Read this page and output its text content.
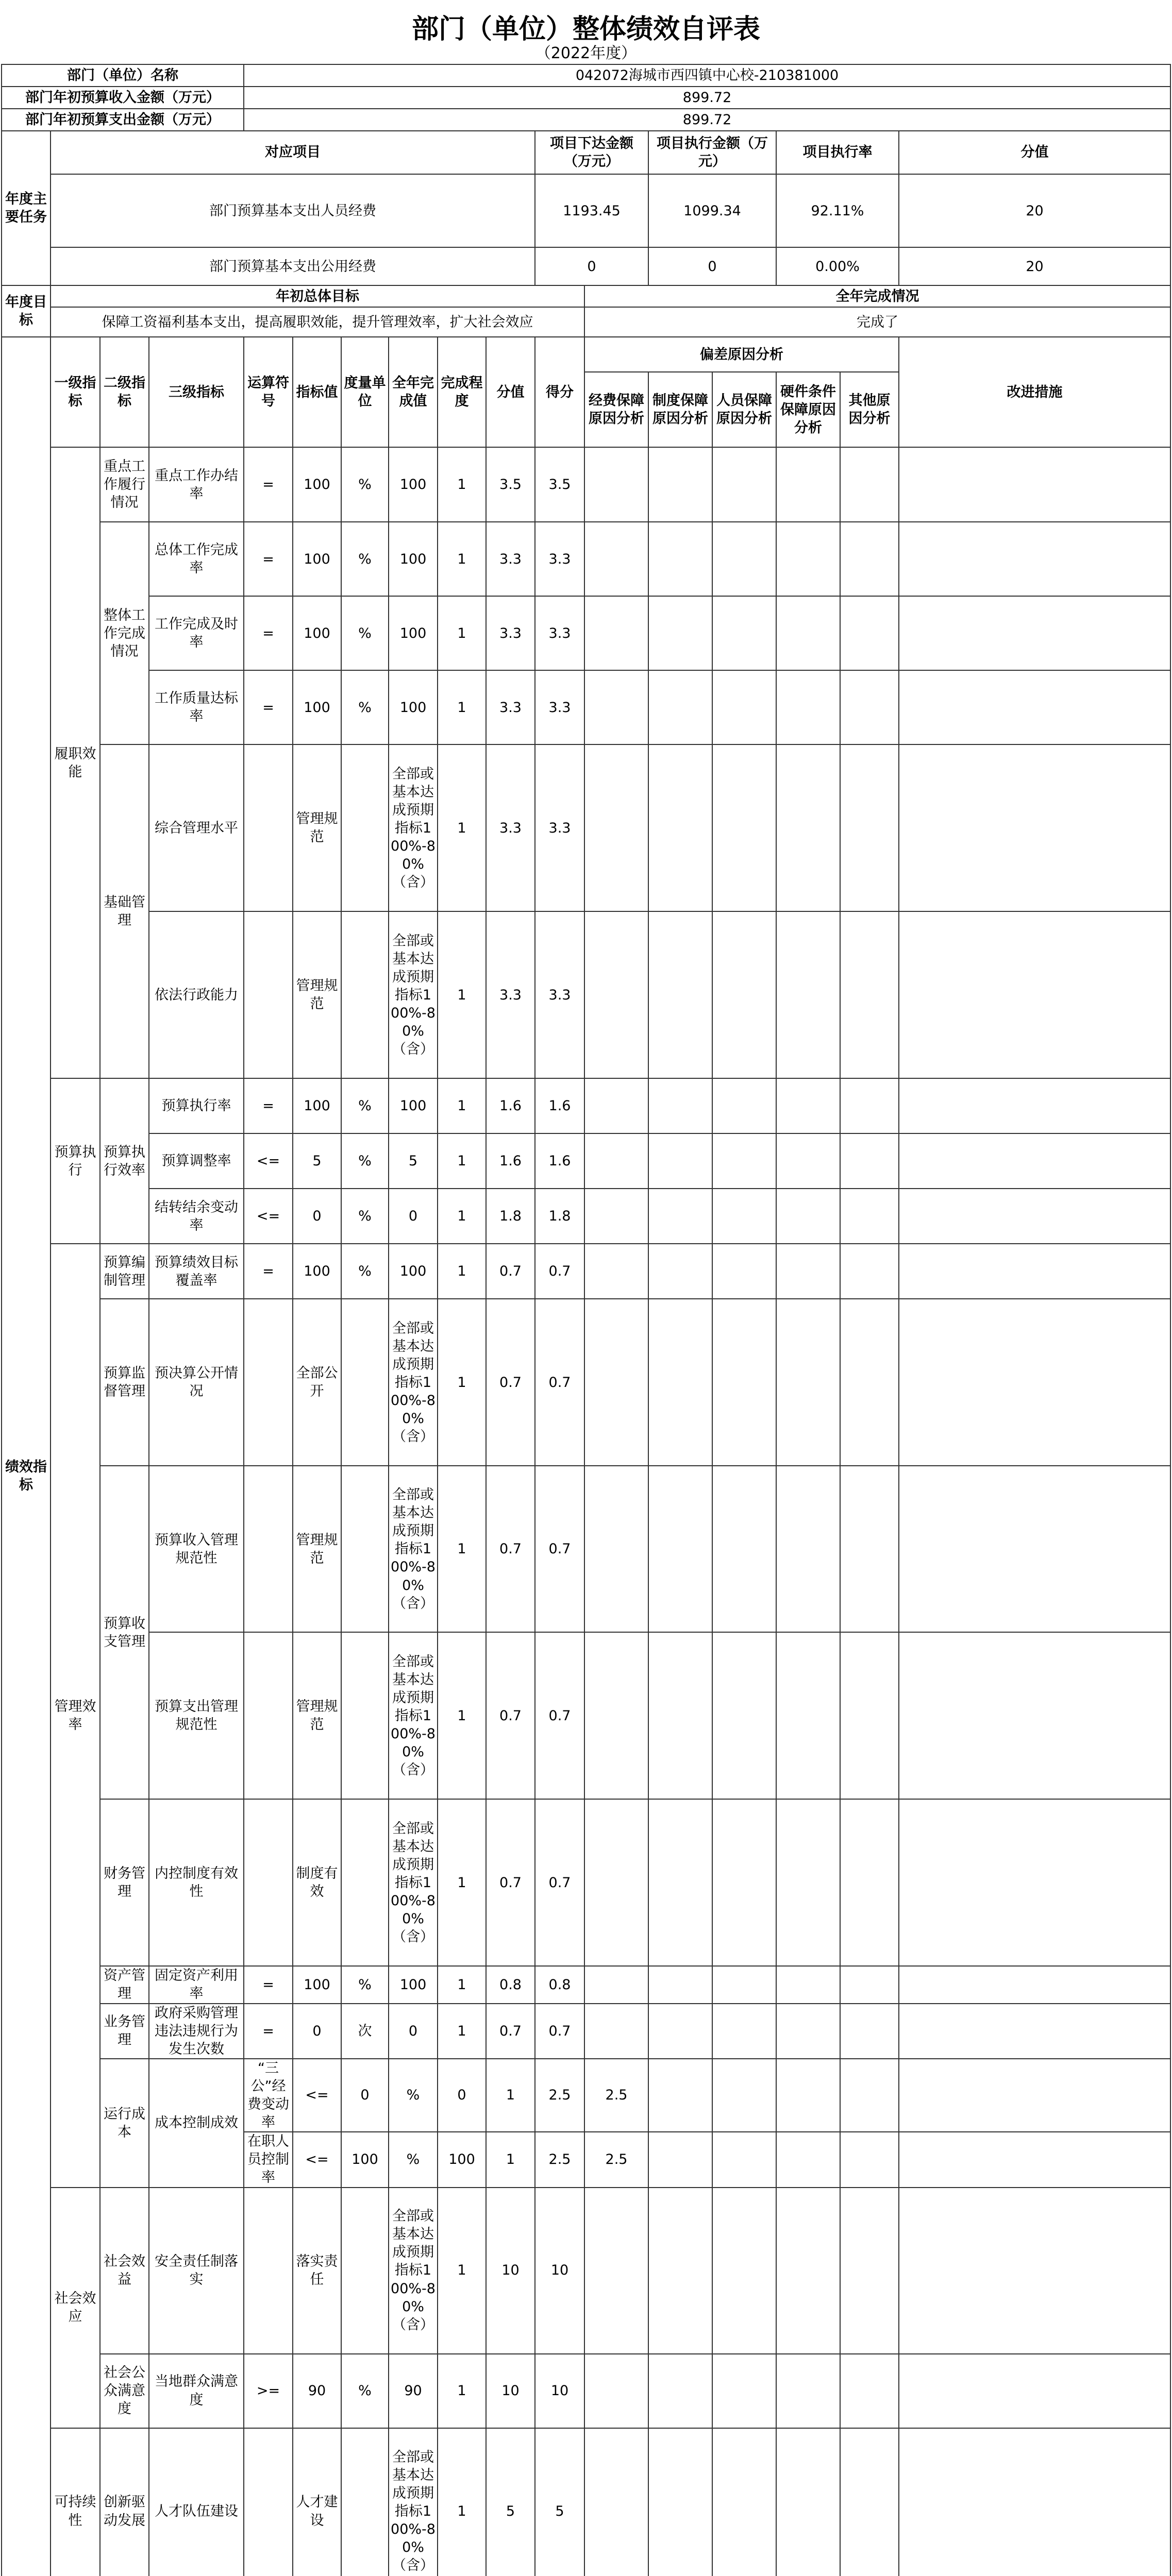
部门（单位）整体绩效自评表
（2022年度）
部门（单位）名称				042072海城市西四镇中心校-210381000													
部门年初预算收入金额（万元）				899.72													
部门年初预算支出金额（万元）				899.72													
年度主要任务	对应项目									项目下达金额（万元）		项目执行金额（万元）		项目执行率		分值	
	部门预算基本支出人员经费									1193.45		1099.34		92.11%		20	
	部门预算基本支出公用经费									0		0		0.00%		20	
年度目标	年初总体目标										全年完成情况						
	保障工资福利基本支出，提高履职效能，提升管理效率，扩大社会效应										完成了						
绩效指标	一级指标	二级指标	三级指标	运算符号	指标值	度量单位	全年完成值	完成程度	分值	得分	偏差原因分析					改进措施	
											经费保障原因分析	制度保障原因分析	人员保障原因分析	硬件条件保障原因分析	其他原因分析		
	履职效能	重点工作履行情况	重点工作办结率	=	100	%	100	1	3.5	3.5							
		整体工作完成情况	总体工作完成率	=	100	%	100	1	3.3	3.3							
			工作完成及时率	=	100	%	100	1	3.3	3.3							
			工作质量达标率	=	100	%	100	1	3.3	3.3							
		基础管理	综合管理水平		管理规范		全部或基本达成预期指标100%-80%（含）	1	3.3	3.3							
			依法行政能力		管理规范		全部或基本达成预期指标100%-80%（含）	1	3.3	3.3							
	预算执行	预算执行效率	预算执行率	=	100	%	100	1	1.6	1.6							
			预算调整率	<=	5	%	5	1	1.6	1.6							
			结转结余变动率	<=	0	%	0	1	1.8	1.8							
	管理效率	预算编制管理	预算绩效目标覆盖率	=	100	%	100	1	0.7	0.7							
		预算监督管理	预决算公开情况		全部公开		全部或基本达成预期指标100%-80%（含）	1	0.7	0.7							
		预算收支管理	预算收入管理规范性		管理规范		全部或基本达成预期指标100%-80%（含）	1	0.7	0.7							
			预算支出管理规范性		管理规范		全部或基本达成预期指标100%-80%（含）	1	0.7	0.7							
		财务管理	内控制度有效性		制度有效		全部或基本达成预期指标100%-80%（含）	1	0.7	0.7							
		资产管理	固定资产利用率	=	100	%	100	1	0.8	0.8							
		业务管理	政府采购管理违法违规行为发生次数	=	0	次	0	1	0.7	0.7							
		运行成本	成本控制成效	“三公”经费变动率	<=	0	%	0	1	2.5	2.5						
				在职人员控制率	<=	100	%	100	1	2.5	2.5						
	社会效应	社会效益	安全责任制落实		落实责任		全部或基本达成预期指标100%-80%（含）	1	10	10							
		社会公众满意度	当地群众满意度	>=	90	%	90	1	10	10							
	可持续性	创新驱动发展	人才队伍建设		人才建设		全部或基本达成预期指标100%-80%（含）	1	5	5							
